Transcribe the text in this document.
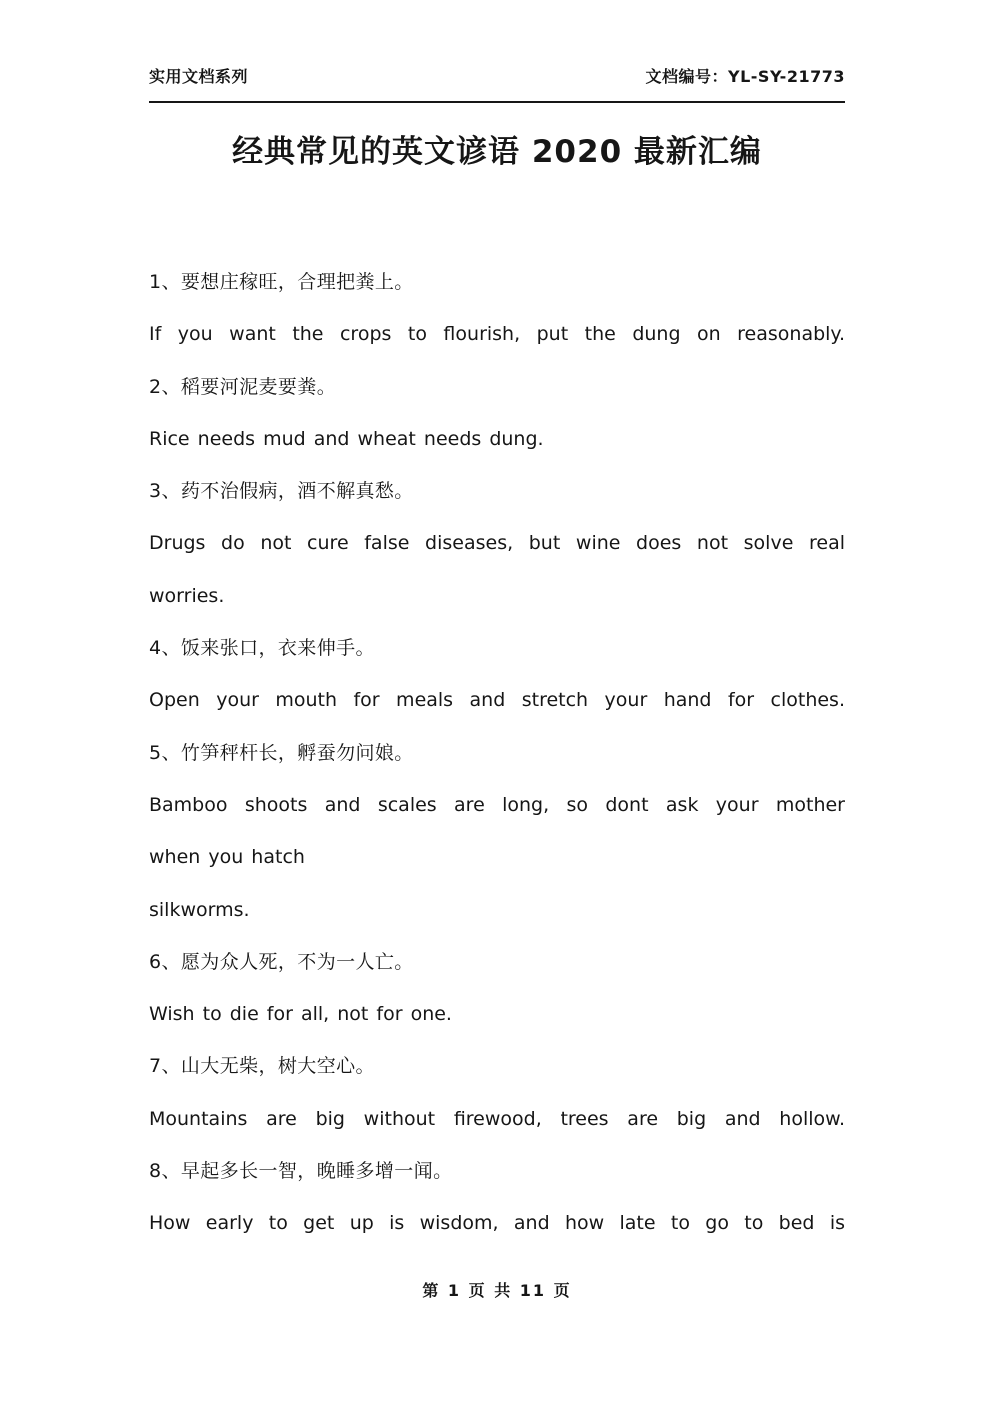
实用文档系列	文档编号：YL-SY-21773
经典常见的英文谚语 2020 最新汇编
1、要想庄稼旺，合理把粪上。
If you want the crops to flourish, put the dung on reasonably.
2、稻要河泥麦要粪。
Rice needs mud and wheat needs dung.
3、药不治假病，酒不解真愁。
Drugs do not cure false diseases, but wine does not solve real
worries.
4、饭来张口，衣来伸手。
Open your mouth for meals and stretch your hand for clothes.
5、竹笋秤杆长，孵蚕勿问娘。
Bamboo shoots and scales are long, so dont ask your mother
when you hatch
silkworms.
6、愿为众人死，不为一人亡。
Wish to die for all, not for one.
7、山大无柴，树大空心。
Mountains are big without firewood, trees are big and hollow.
8、早起多长一智，晚睡多增一闻。
How early to get up is wisdom, and how late to go to bed is
第 1 页 共 11 页
